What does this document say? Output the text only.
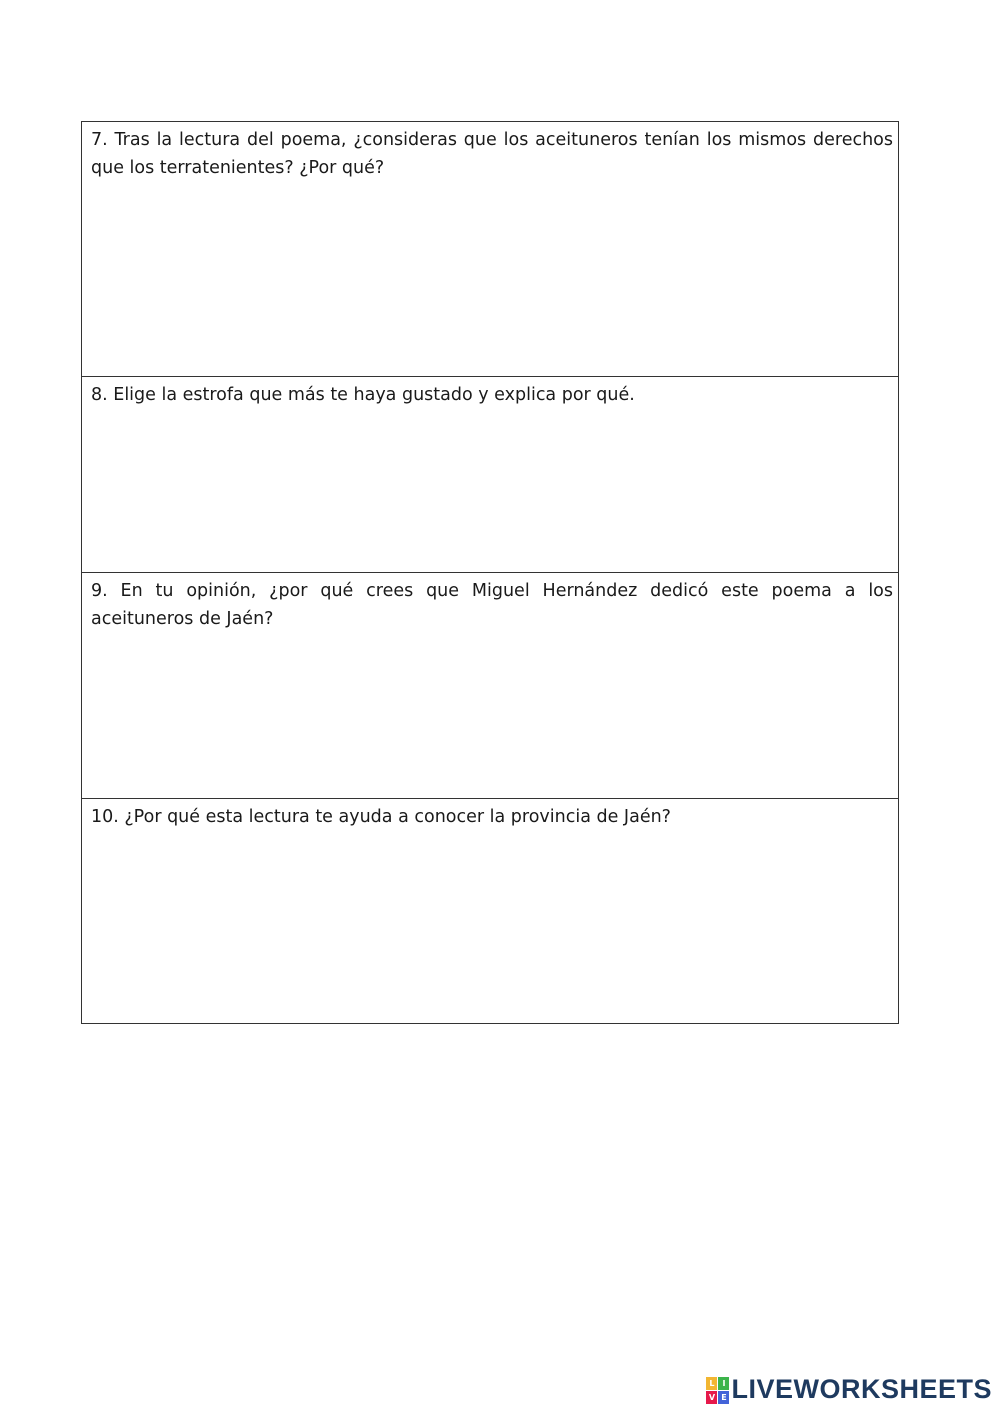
7. Tras la lectura del poema, ¿consideras que los aceituneros tenían los mismos derechos que los terratenientes? ¿Por qué?

8. Elige la estrofa que más te haya gustado y explica por qué.

9. En tu opinión, ¿por qué crees que Miguel Hernández dedicó este poema a los aceituneros de Jaén?

10. ¿Por qué esta lectura te ayuda a conocer la provincia de Jaén?

L I
V E LIVEWORKSHEETS
